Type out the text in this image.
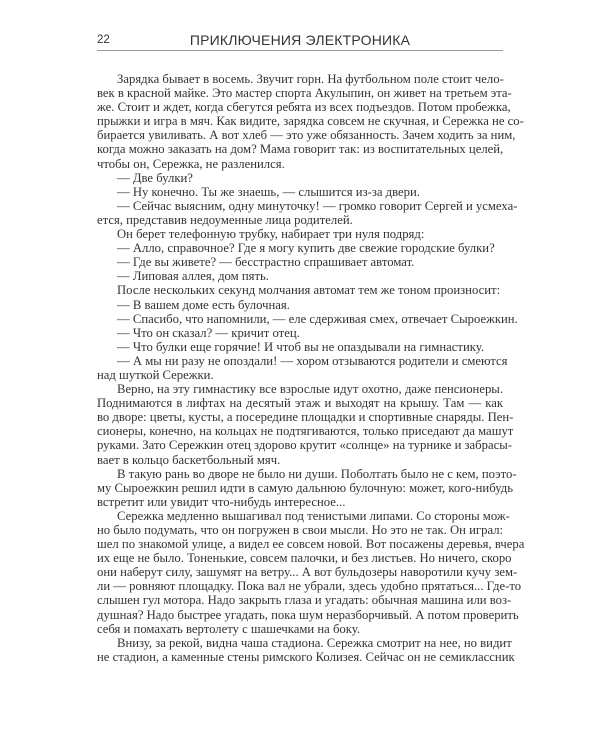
22	ПРИКЛЮЧЕНИЯ ЭЛЕКТРОНИКА
Зарядка бывает в восемь. Звучит горн. На футбольном поле стоит чело-
век в красной майке. Это мастер спорта Акулыпин, он живет на третьем эта-
же. Стоит и ждет, когда сбегутся ребята из всех подъездов. Потом пробежка,
прыжки и игра в мяч. Как видите, зарядка совсем не скучная, и Сережка не со-
бирается увиливать. А вот хлеб — это уже обязанность. Зачем ходить за ним,
когда можно заказать на дом? Мама говорит так: из воспитательных целей,
чтобы он, Сережка, не разленился.
— Две булки?
— Ну конечно. Ты же знаешь, — слышится из-за двери.
— Сейчас выясним, одну минуточку! — громко говорит Сергей и усмеха-
ется, представив недоуменные лица родителей.
Он берет телефонную трубку, набирает три нуля подряд:
— Алло, справочное? Где я могу купить две свежие городские булки?
— Где вы живете? — бесстрастно спрашивает автомат.
— Липовая аллея, дом пять.
После нескольких секунд молчания автомат тем же тоном произносит:
— В вашем доме есть булочная.
— Спасибо, что напомнили, — еле сдерживая смех, отвечает Сыроежкин.
— Что он сказал? — кричит отец.
— Что булки еще горячие! И чтоб вы не опаздывали на гимнастику.
— А мы ни разу не опоздали! — хором отзываются родители и смеются
над шуткой Сережки.
Верно, на эту гимнастику все взрослые идут охотно, даже пенсионеры.
Поднимаются в лифтах на десятый этаж и выходят на крышу. Там — как
во дворе: цветы, кусты, а посередине площадки и спортивные снаряды. Пен-
сионеры, конечно, на кольцах не подтягиваются, только приседают да машут
руками. Зато Сережкин отец здорово крутит «солнце» на турнике и забрасы-
вает в кольцо баскетбольный мяч.
В такую рань во дворе не было ни души. Поболтать было не с кем, поэто-
му Сыроежкин решил идти в самую дальнюю булочную: может, кого-нибудь
встретит или увидит что-нибудь интересное...
Сережка медленно вышагивал под тенистыми липами. Со стороны мож-
но было подумать, что он погружен в свои мысли. Но это не так. Он играл:
шел по знакомой улице, а видел ее совсем новой. Вот посажены деревья, вчера
их еще не было. Тоненькие, совсем палочки, и без листьев. Но ничего, скоро
они наберут силу, зашумят на ветру... А вот бульдозеры наворотили кучу зем-
ли — ровняют площадку. Пока вал не убрали, здесь удобно прятаться... Где-то
слышен гул мотора. Надо закрыть глаза и угадать: обычная машина или воз-
душная? Надо быстрее угадать, пока шум неразборчивый. А потом проверить
себя и помахать вертолету с шашечками на боку.
Внизу, за рекой, видна чаша стадиона. Сережка смотрит на нее, но видит
не стадион, а каменные стены римского Колизея. Сейчас он не семиклассник
